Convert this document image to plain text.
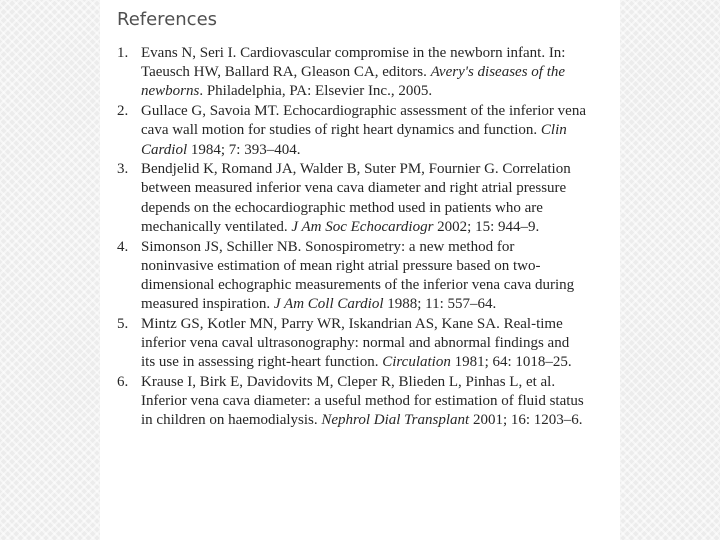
References
1. Evans N, Seri I. Cardiovascular compromise in the newborn infant. In: Taeusch HW, Ballard RA, Gleason CA, editors. Avery's diseases of the newborns. Philadelphia, PA: Elsevier Inc., 2005.
2. Gullace G, Savoia MT. Echocardiographic assessment of the inferior vena cava wall motion for studies of right heart dynamics and function. Clin Cardiol 1984; 7: 393–404.
3. Bendjelid K, Romand JA, Walder B, Suter PM, Fournier G. Correlation between measured inferior vena cava diameter and right atrial pressure depends on the echocardiographic method used in patients who are mechanically ventilated. J Am Soc Echocardiogr 2002; 15: 944–9.
4. Simonson JS, Schiller NB. Sonospirometry: a new method for noninvasive estimation of mean right atrial pressure based on two-dimensional echographic measurements of the inferior vena cava during measured inspiration. J Am Coll Cardiol 1988; 11: 557–64.
5. Mintz GS, Kotler MN, Parry WR, Iskandrian AS, Kane SA. Real-time inferior vena caval ultrasonography: normal and abnormal findings and its use in assessing right-heart function. Circulation 1981; 64: 1018–25.
6. Krause I, Birk E, Davidovits M, Cleper R, Blieden L, Pinhas L, et al. Inferior vena cava diameter: a useful method for estimation of fluid status in children on haemodialysis. Nephrol Dial Transplant 2001; 16: 1203–6.
